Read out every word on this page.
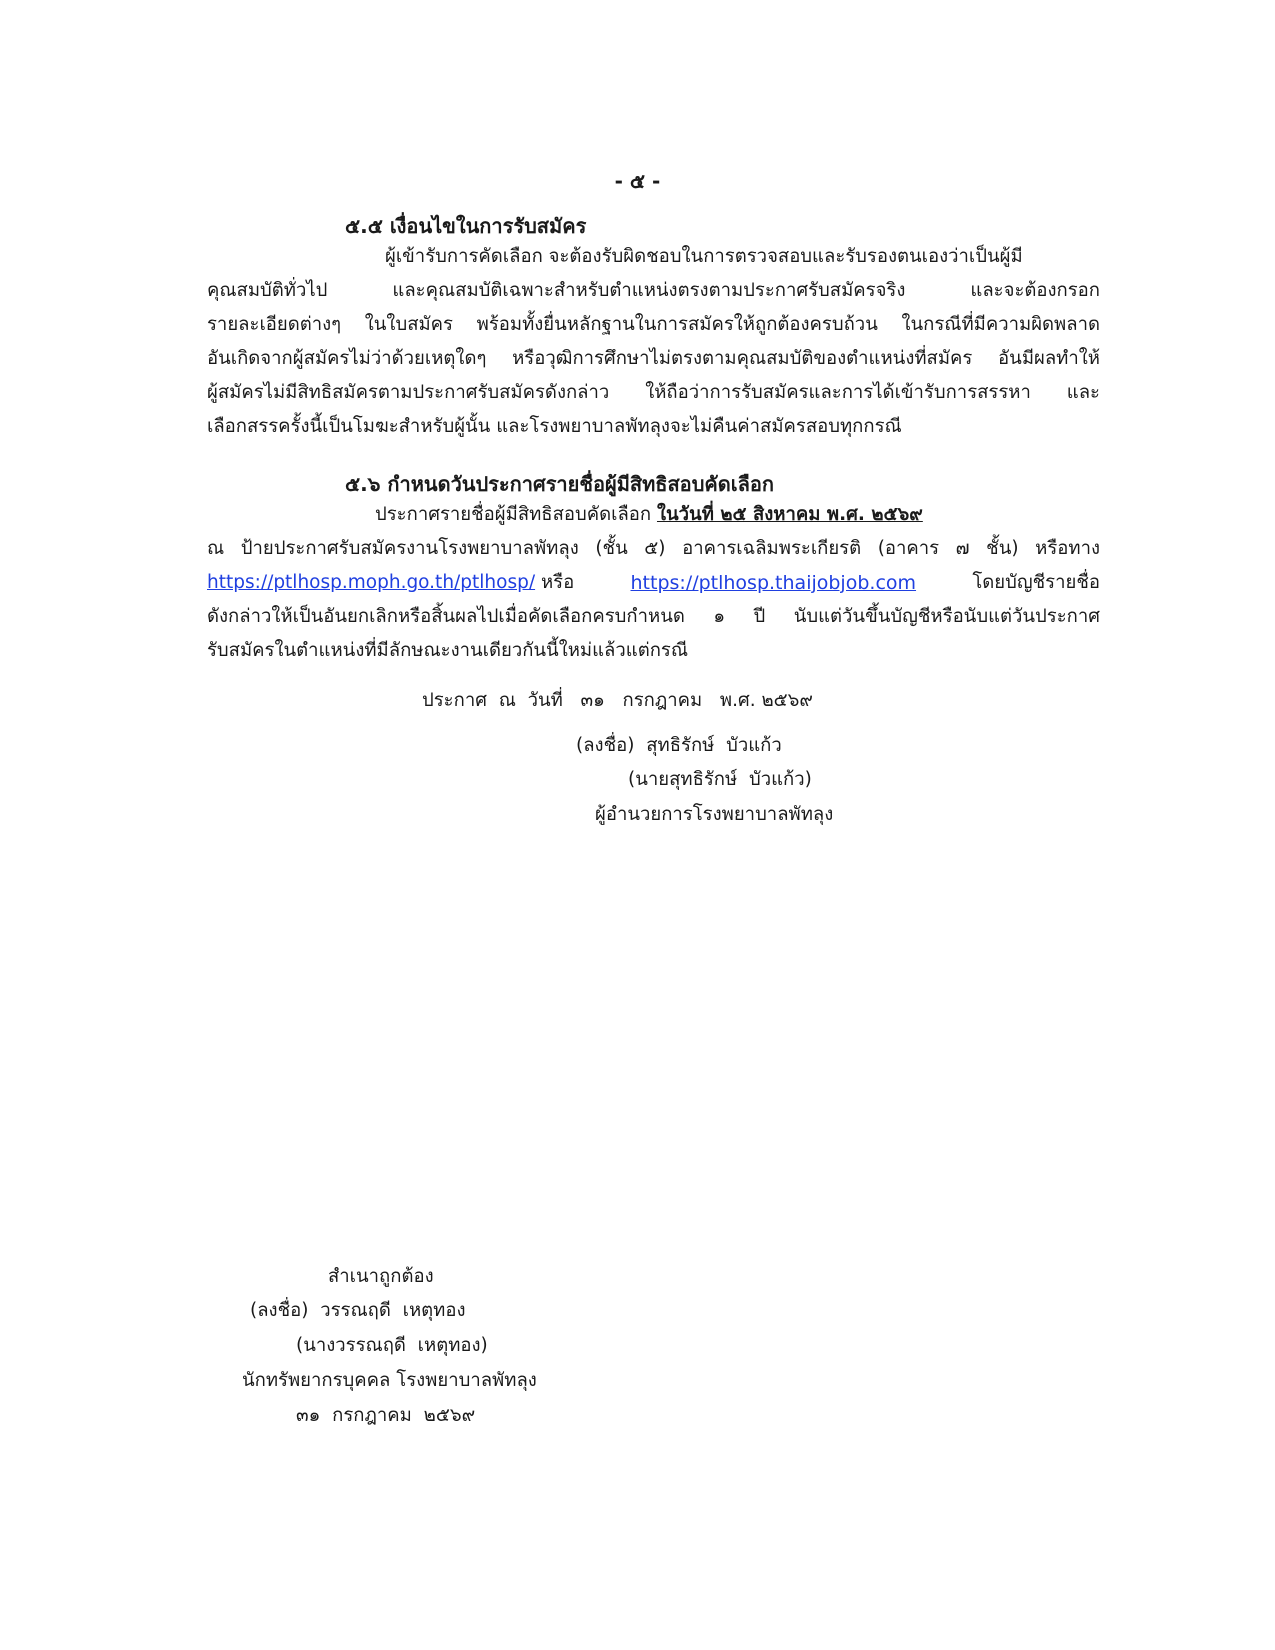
- ๕ -
๕.๕ เงื่อนไขในการรับสมัคร
ผู้เข้ารับการคัดเลือก จะต้องรับผิดชอบในการตรวจสอบและรับรองตนเองว่าเป็นผู้มี
คุณสมบัติทั่วไป และคุณสมบัติเฉพาะสำหรับตำแหน่งตรงตามประกาศรับสมัครจริง และจะต้องกรอก
รายละเอียดต่างๆ ในใบสมัคร พร้อมทั้งยื่นหลักฐานในการสมัครให้ถูกต้องครบถ้วน ในกรณีที่มีความผิดพลาด
อันเกิดจากผู้สมัครไม่ว่าด้วยเหตุใดๆ หรือวุฒิการศึกษาไม่ตรงตามคุณสมบัติของตำแหน่งที่สมัคร อันมีผลทำให้
ผู้สมัครไม่มีสิทธิสมัครตามประกาศรับสมัครดังกล่าว ให้ถือว่าการรับสมัครและการได้เข้ารับการสรรหา และ
เลือกสรรครั้งนี้เป็นโมฆะสำหรับผู้นั้น และโรงพยาบาลพัทลุงจะไม่คืนค่าสมัครสอบทุกกรณี
๕.๖ กำหนดวันประกาศรายชื่อผู้มีสิทธิสอบคัดเลือก
ประกาศรายชื่อผู้มีสิทธิสอบคัดเลือก ในวันที่ ๒๕ สิงหาคม พ.ศ. ๒๕๖๙
ณ ป้ายประกาศรับสมัครงานโรงพยาบาลพัทลุง (ชั้น ๕) อาคารเฉลิมพระเกียรติ (อาคาร ๗ ชั้น) หรือทาง
https://ptlhosp.moph.go.th/ptlhosp/ หรือ	https://ptlhosp.thaijobjob.com	โดยบัญชีรายชื่อ
ดังกล่าวให้เป็นอันยกเลิกหรือสิ้นผลไปเมื่อคัดเลือกครบกำหนด ๑ ปี นับแต่วันขึ้นบัญชีหรือนับแต่วันประกาศ
รับสมัครในตำแหน่งที่มีลักษณะงานเดียวกันนี้ใหม่แล้วแต่กรณี
ประกาศ  ณ  วันที่   ๓๑   กรกฎาคม   พ.ศ. ๒๕๖๙
(ลงชื่อ)  สุทธิรักษ์  บัวแก้ว
(นายสุทธิรักษ์  บัวแก้ว)
ผู้อำนวยการโรงพยาบาลพัทลุง
สำเนาถูกต้อง
(ลงชื่อ)  วรรณฤดี  เหตุทอง
(นางวรรณฤดี  เหตุทอง)
นักทรัพยากรบุคคล โรงพยาบาลพัทลุง
๓๑  กรกฎาคม  ๒๕๖๙
